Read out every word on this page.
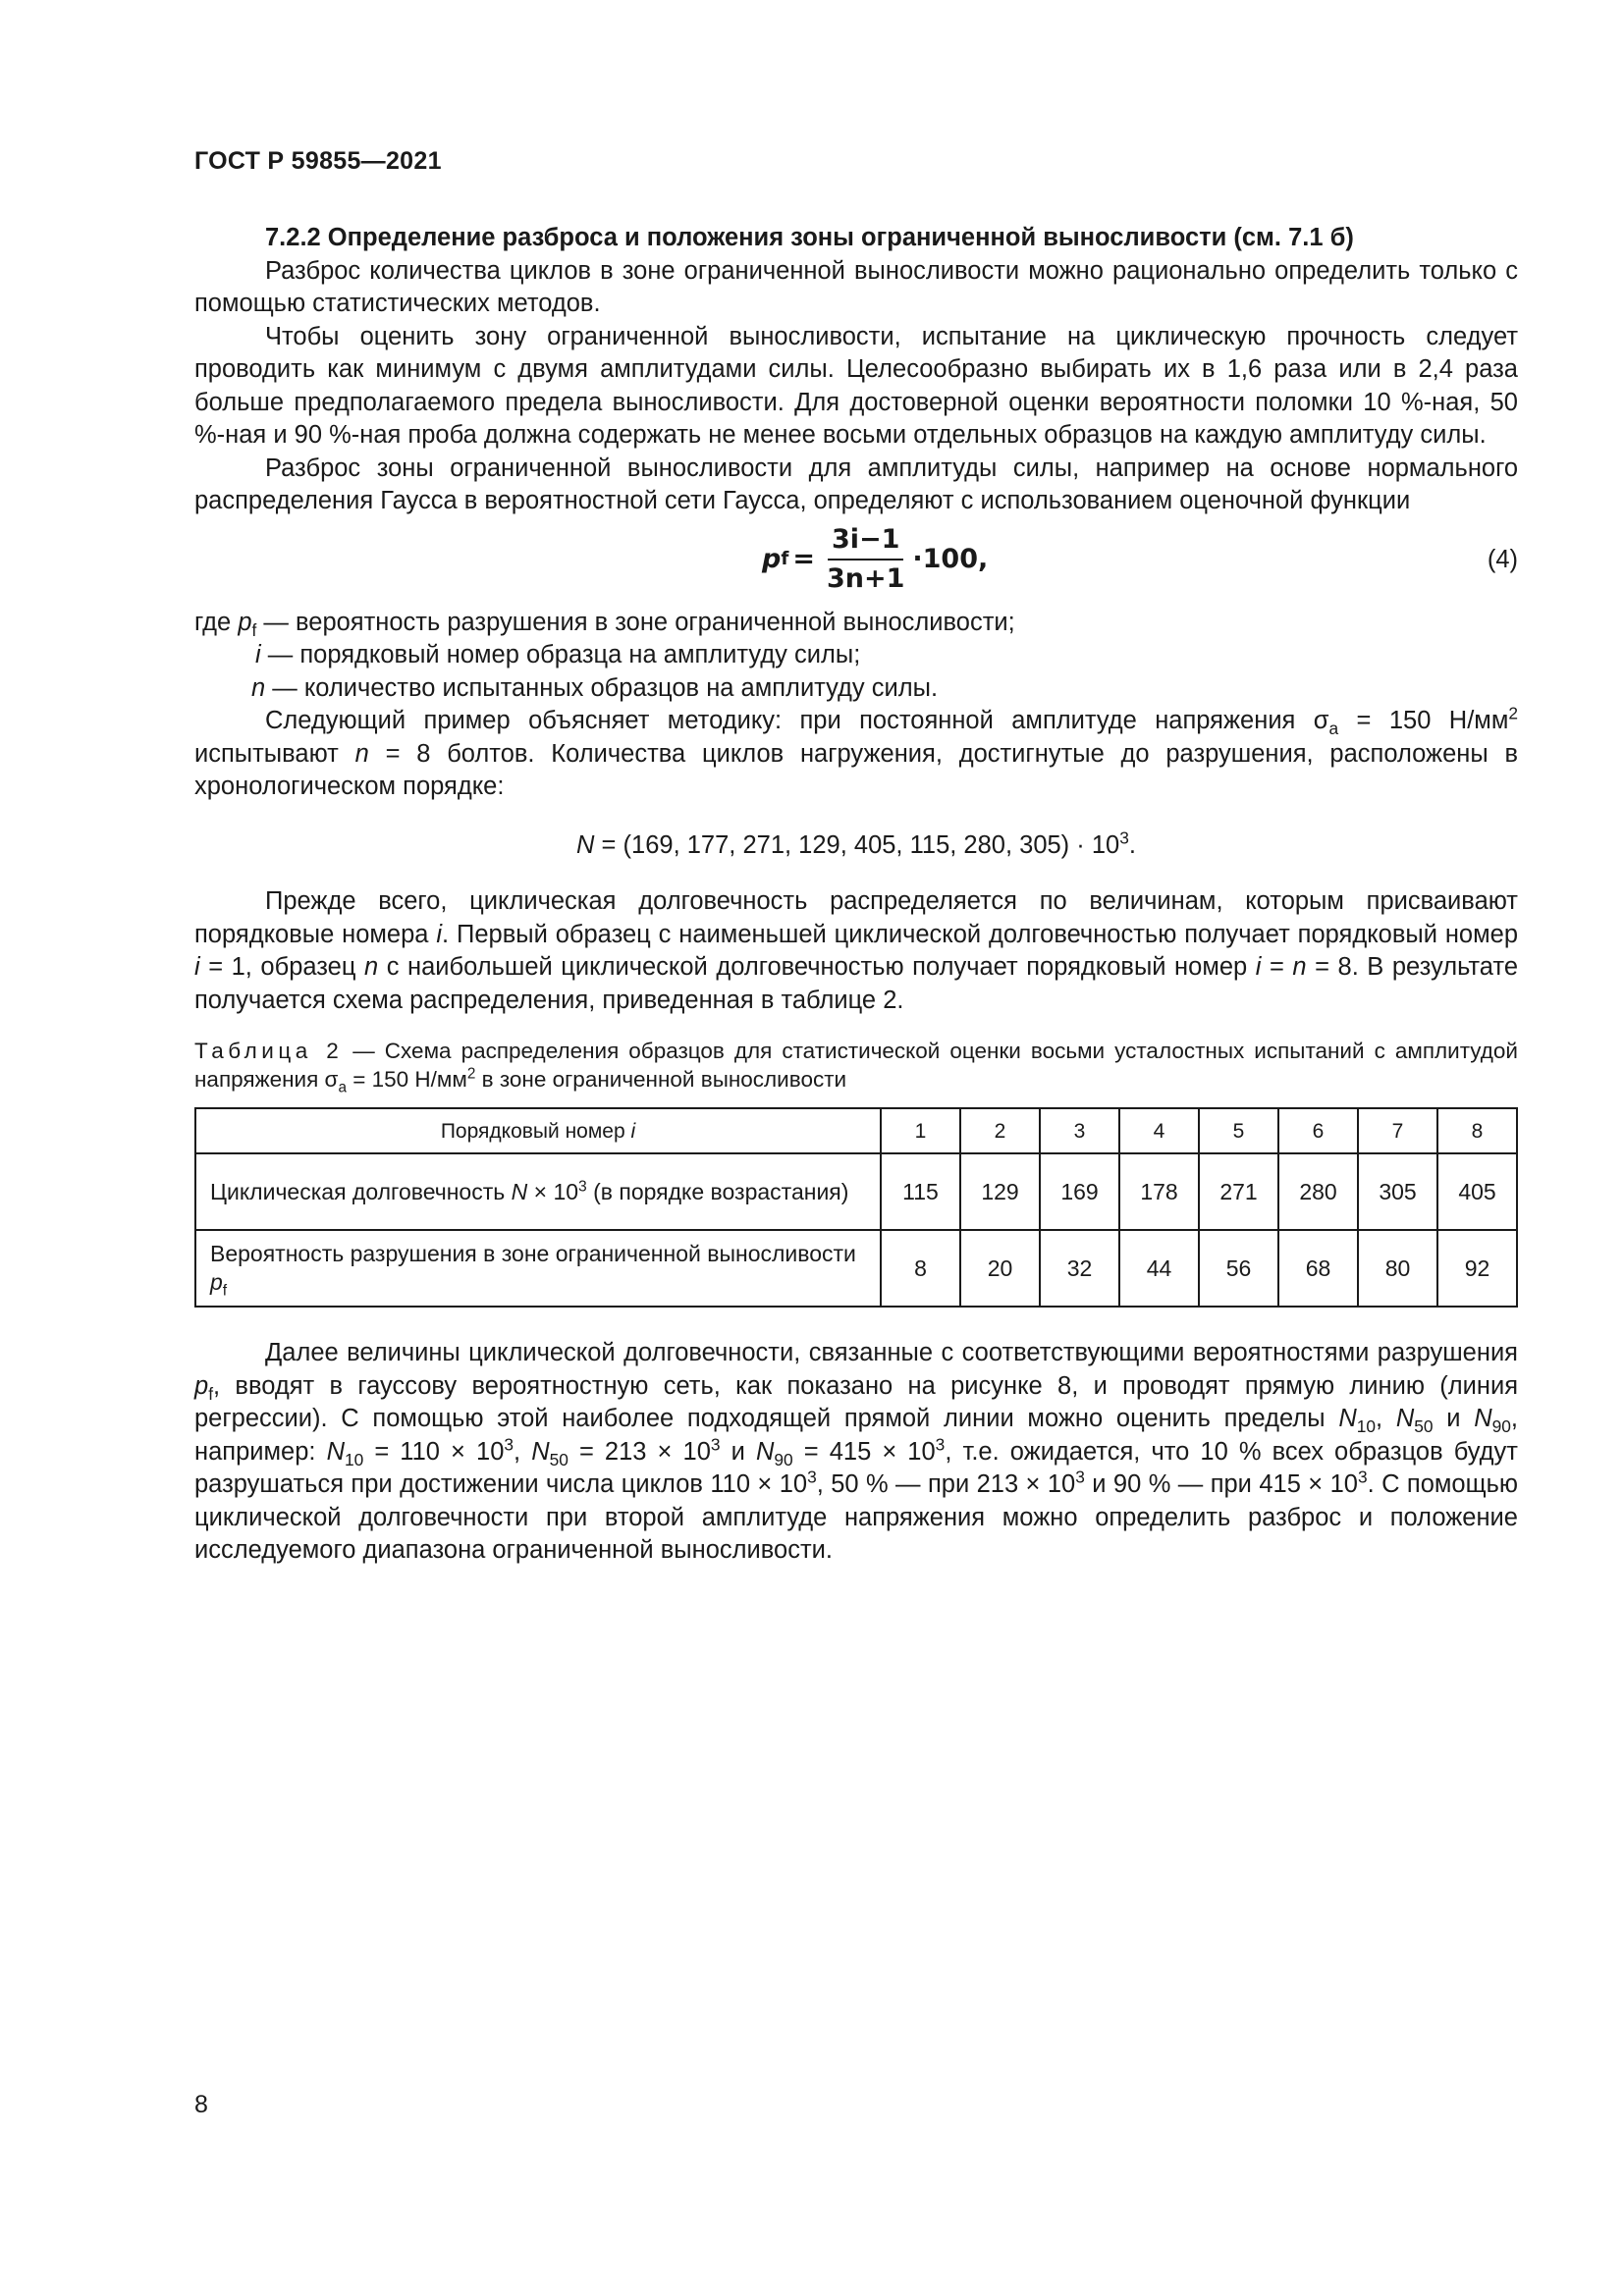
ГОСТ Р 59855—2021

7.2.2 Определение разброса и положения зоны ограниченной выносливости (см. 7.1 б)

Разброс количества циклов в зоне ограниченной выносливости можно рационально определить только с помощью статистических методов.

Чтобы оценить зону ограниченной выносливости, испытание на циклическую прочность следует проводить как минимум с двумя амплитудами силы. Целесообразно выбирать их в 1,6 раза или в 2,4 раза больше предполагаемого предела выносливости. Для достоверной оценки вероятности поломки 10 %-ная, 50 %-ная и 90 %-ная проба должна содержать не менее восьми отдельных образцов на каждую амплитуду силы.

Разброс зоны ограниченной выносливости для амплитуды силы, например на основе нормального распределения Гаусса в вероятностной сети Гаусса, определяют с использованием оценочной функции

p $f = \frac{3i-1}{3n+1} \cdot 100$,	(4)
где $p_f$ — вероятность разрушения в зоне ограниченной выносливости;
i — порядковый номер образца на амплитуду силы;
n — количество испытанных образцов на амплитуду силы.

Следующий пример объясняет методику: при постоянной амплитуде напряжения $\sigma_a = 150$ $Н/мм^2$ испытывают n = 8 болтов. Количества циклов нагружения, достигнутые до разрушения, расположены в хронологическом порядке:

N = (169, 177, 271, 129, 405, 115, 280, $305) \cdot 10^3$.

Прежде всего, циклическая долговечность распределяется по величинам, которым присваивают порядковые номера i. Первый образец с наименьшей циклической долговечностью получает порядковый номер i = 1, образец n с наибольшей циклической долговечностью получает порядковый номер i = n = 8. В результате получается схема распределения, приведенная в таблице 2.

Таблица 2 — Схема распределения образцов для статистической оценки восьми усталостных испытаний с амплитудой напряжения $\sigma_a = 150$ $Н/мм^2$ в зоне ограниченной выносливости
Порядковый номер i	1	2	3	4	5	6	7	8
Циклическая долговечность $N \times 10^3$ (в порядке возрастания)	115	129	169	178	271	280	305	405
Вероятность разрушения в зоне ограниченной выносливости $p_f$	8	20	32	44	56	68	80	92

Далее величины циклической долговечности, связанные с соответствующими вероятностями разрушения $p_f$, вводят в гауссову вероятностную сеть, как показано на рисунке 8, и проводят прямую линию (линия регрессии). С помощью этой наиболее подходящей прямой линии можно оценить пределы $N_{10}$, $N_{50}$ и $N_{90}$, например: $N_{10} = 110 \times 10^3$, $N_{50} = 213 \times 10^3$ и $N_{90} = 415 \times 10^3$, т.е. ожидается, что 10 % всех образцов будут разрушаться при достижении числа циклов $110 \times 10^3$, 50 % — при $213 \times 10^3$ и 90 % — при $415 \times 10^3$. С помощью циклической долговечности при второй амплитуде напряжения можно определить разброс и положение исследуемого диапазона ограниченной выносливости.

8
